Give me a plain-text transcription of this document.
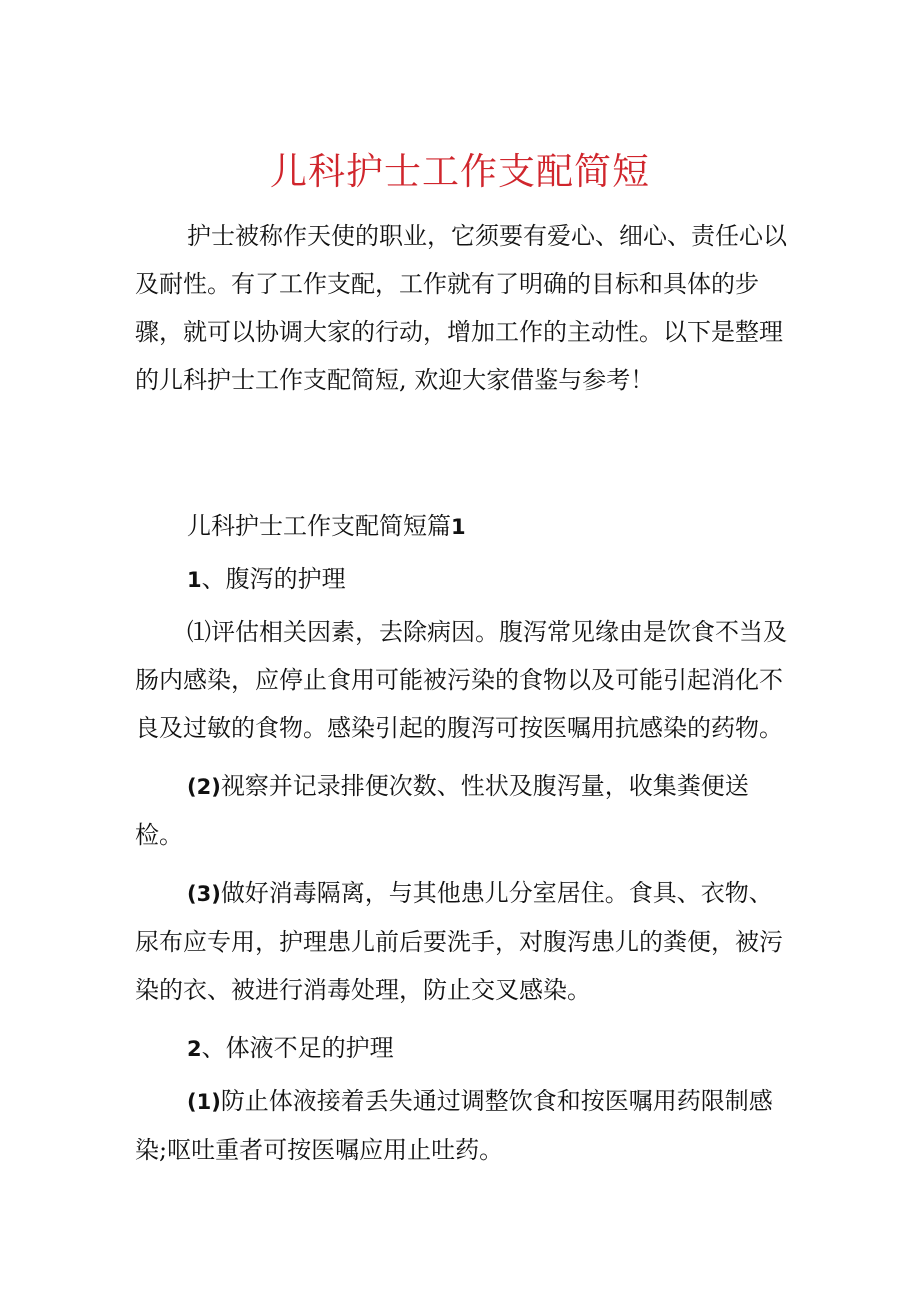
儿科护士工作支配简短

护士被称作天使的职业，它须要有爱心、细心、责任心以及耐性。有了工作支配，工作就有了明确的目标和具体的步骤，就可以协调大家的行动，增加工作的主动性。以下是整理的儿科护士工作支配简短, 欢迎大家借鉴与参考！

儿科护士工作支配简短篇1

1、腹泻的护理

⑴评估相关因素，去除病因。腹泻常见缘由是饮食不当及肠内感染，应停止食用可能被污染的食物以及可能引起消化不良及过敏的食物。感染引起的腹泻可按医嘱用抗感染的药物。

(2)视察并记录排便次数、性状及腹泻量，收集粪便送检。

(3)做好消毒隔离，与其他患儿分室居住。食具、衣物、尿布应专用，护理患儿前后要洗手，对腹泻患儿的粪便，被污染的衣、被进行消毒处理，防止交叉感染。

2、体液不足的护理

(1)防止体液接着丢失通过调整饮食和按医嘱用药限制感染;呕吐重者可按医嘱应用止吐药。
